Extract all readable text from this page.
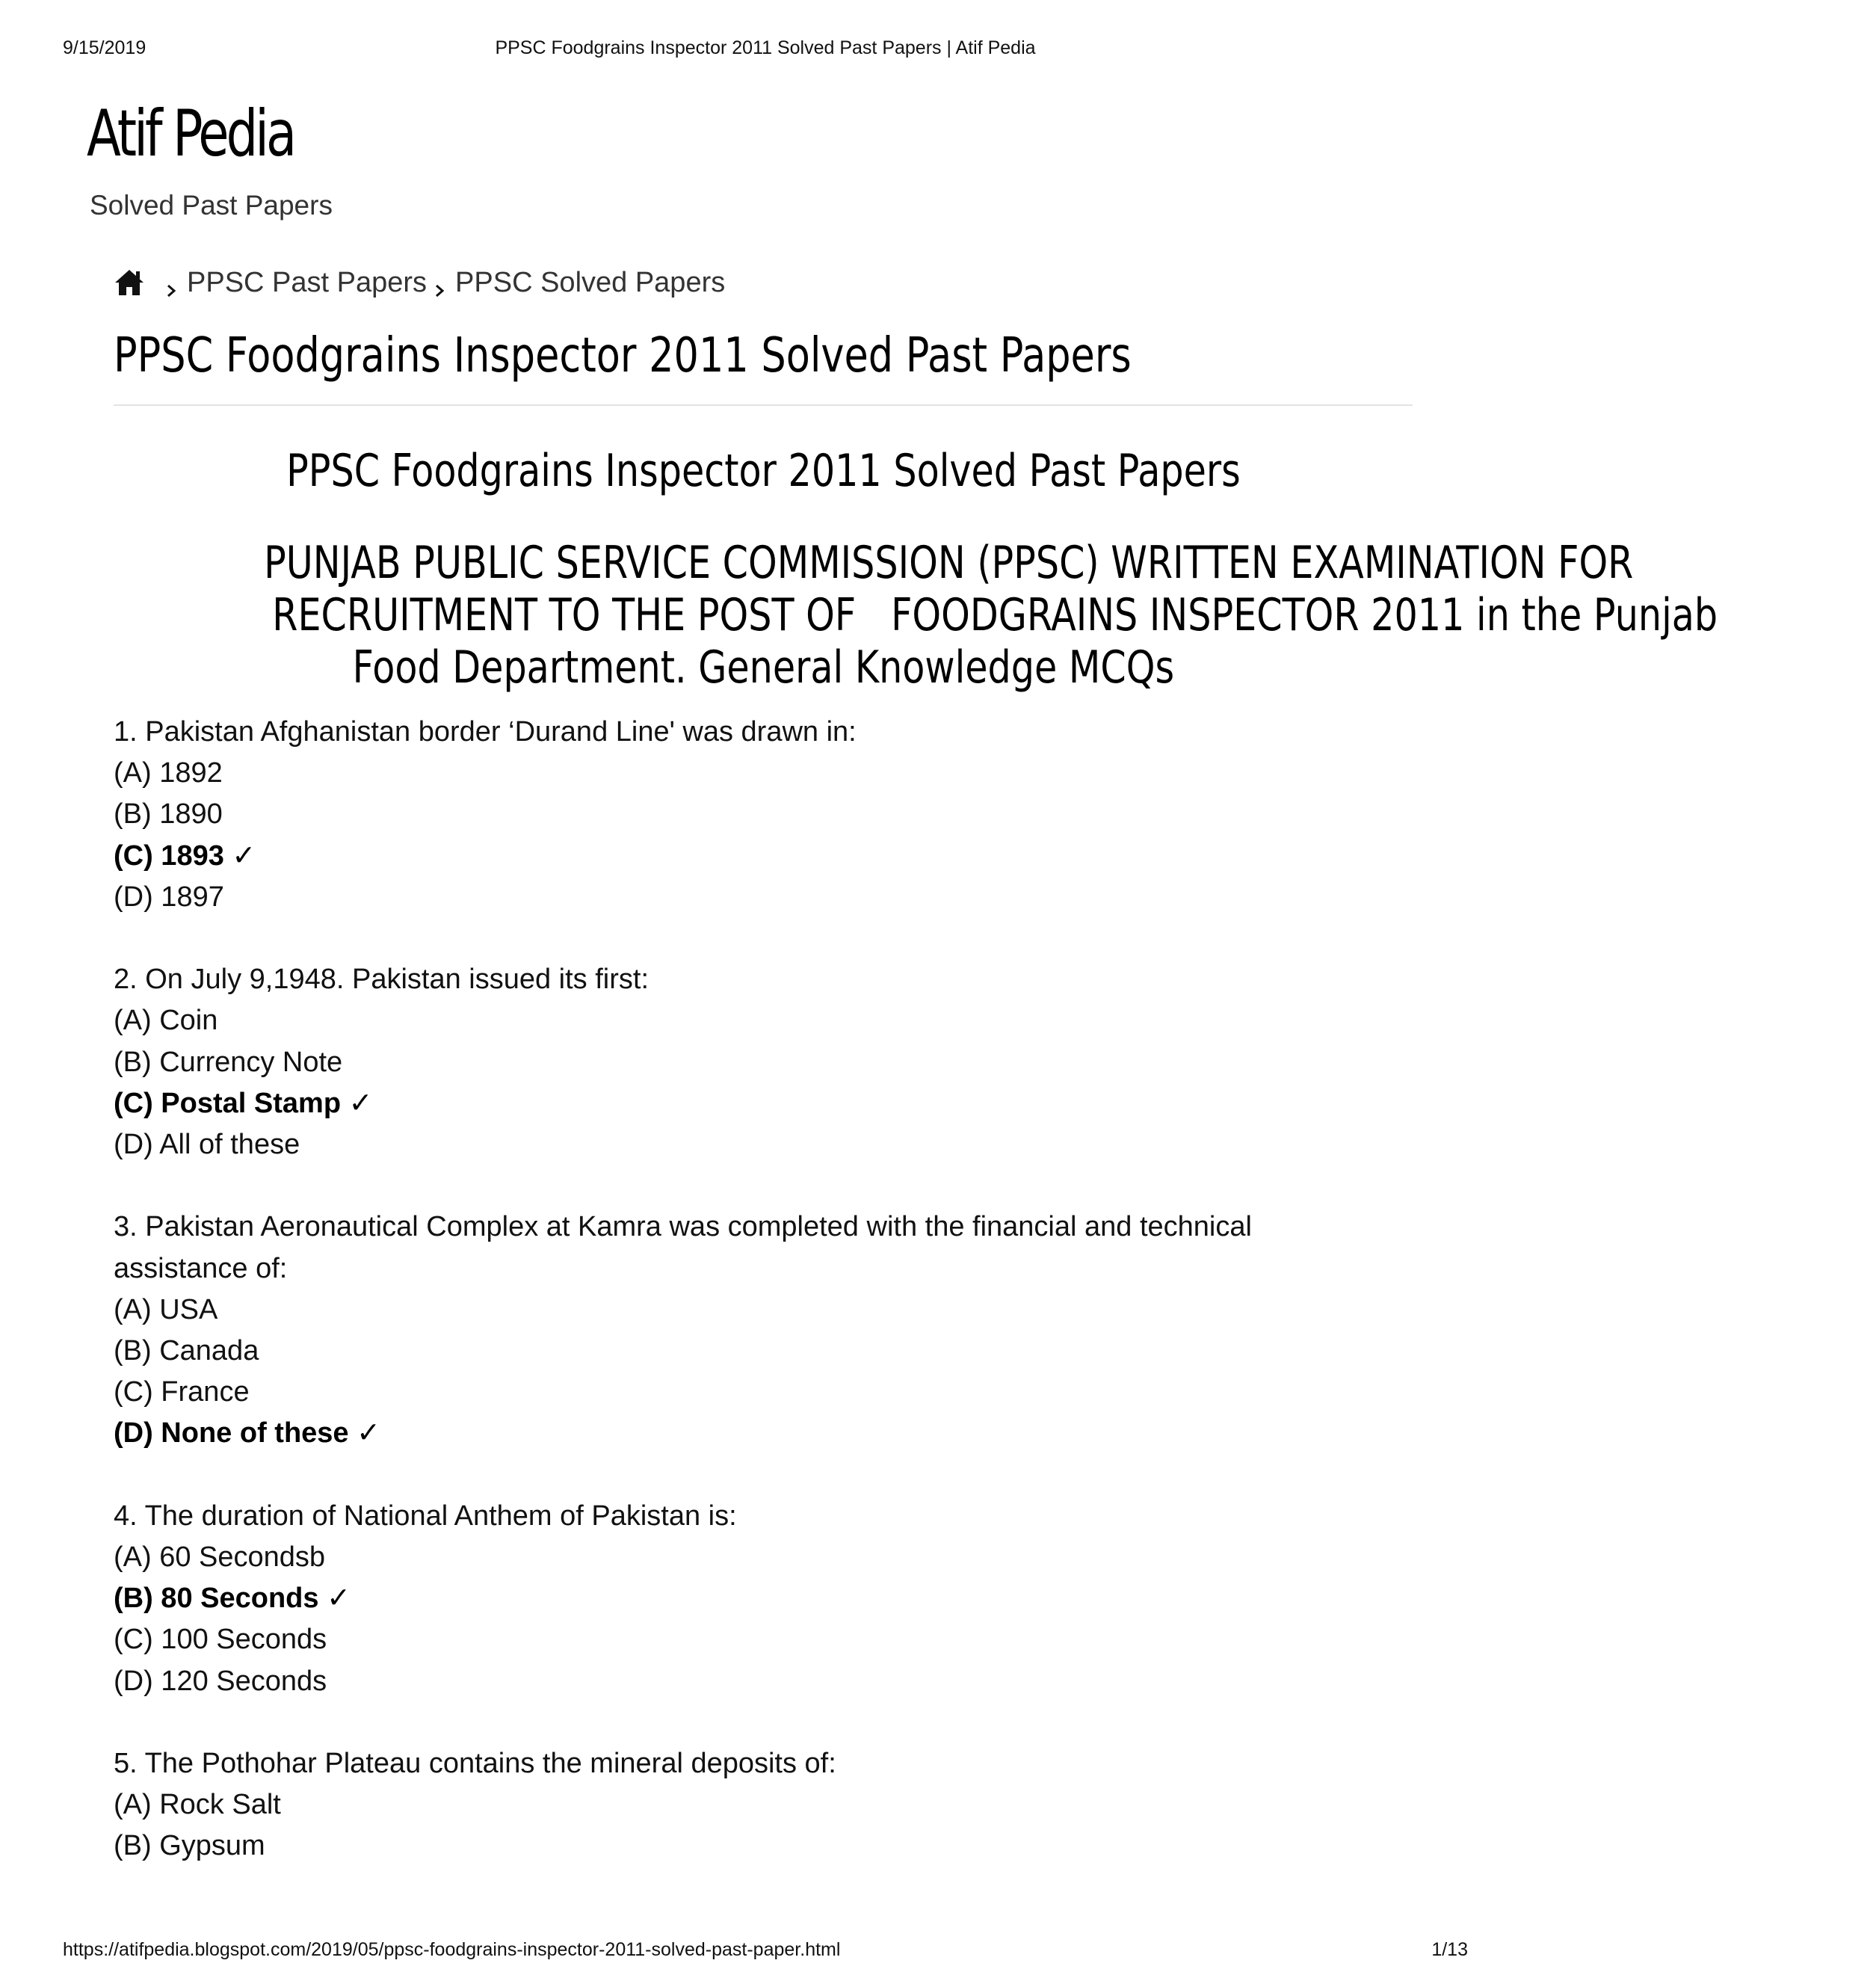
9/15/2019	PPSC Foodgrains Inspector 2011 Solved Past Papers | Atif Pedia
Atif Pedia
Solved Past Papers
PPSC Past Papers PPSC Solved Papers
PPSC Foodgrains Inspector 2011 Solved Past Papers
PPSC Foodgrains Inspector 2011 Solved Past Papers
PUNJAB PUBLIC SERVICE COMMISSION (PPSC) WRITTEN EXAMINATION FOR
RECRUITMENT TO THE POST OF   FOODGRAINS INSPECTOR 2011 in the Punjab
Food Department. General Knowledge MCQs

1. Pakistan Afghanistan border ‘Durand Line' was drawn in:

(A) 1892

(B) 1890

(C) 1893 ✓

(D) 1897

2. On July 9,1948. Pakistan issued its first:

(A) Coin

(B) Currency Note

(C) Postal Stamp ✓

(D) All of these

3. Pakistan Aeronautical Complex at Kamra was completed with the financial and technical assistance of:

(A) USA

(B) Canada

(C) France

(D) None of these ✓

4. The duration of National Anthem of Pakistan is:

(A) 60 Secondsb

(B) 80 Seconds ✓

(C) 100 Seconds

(D) 120 Seconds

5. The Pothohar Plateau contains the mineral deposits of:

(A) Rock Salt

(B) Gypsum

https://atifpedia.blogspot.com/2019/05/ppsc-foodgrains-inspector-2011-solved-past-paper.html	1/13
